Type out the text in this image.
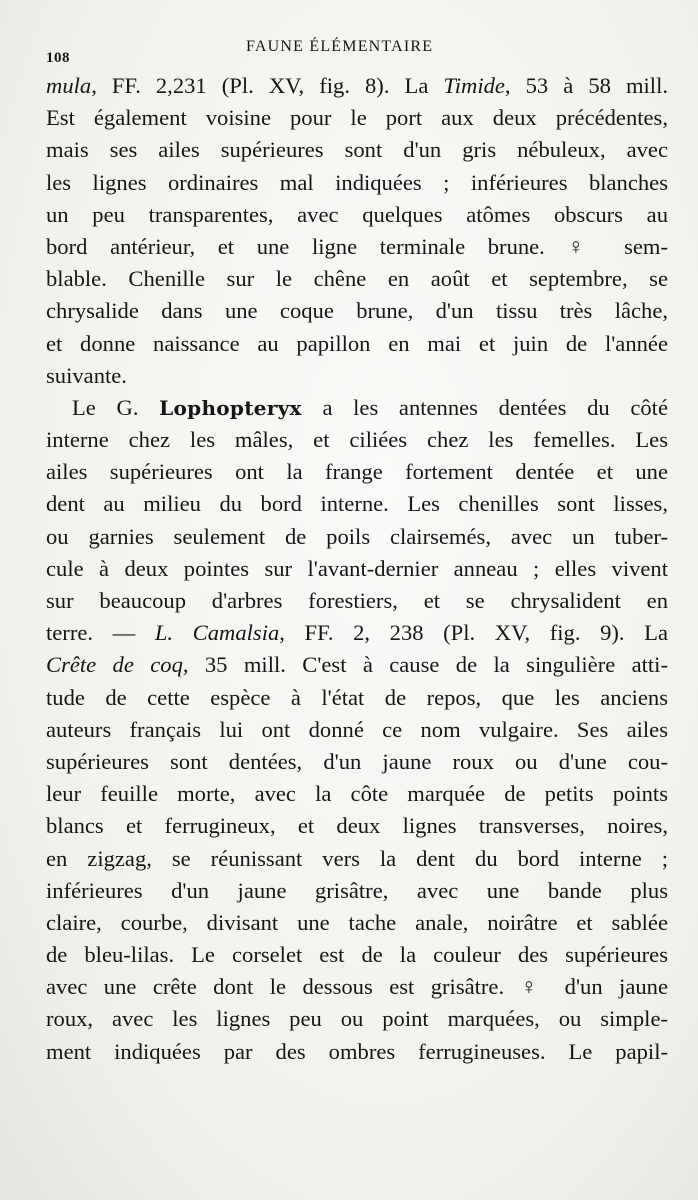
108
FAUNE ÉLÉMENTAIRE
mula, FF. 2,231 (Pl. XV, fig. 8). La Timide, 53 à 58 mill.
Est également voisine pour le port aux deux précédentes,
mais ses ailes supérieures sont d'un gris nébuleux, avec
les lignes ordinaires mal indiquées ; inférieures blanches
un peu transparentes, avec quelques atômes obscurs au
bord antérieur, et une ligne terminale brune. ♀ sem-
blable. Chenille sur le chêne en août et septembre, se
chrysalide dans une coque brune, d'un tissu très lâche,
et donne naissance au papillon en mai et juin de l'année
suivante.
Le G. Lophopteryx a les antennes dentées du côté
interne chez les mâles, et ciliées chez les femelles. Les
ailes supérieures ont la frange fortement dentée et une
dent au milieu du bord interne. Les chenilles sont lisses,
ou garnies seulement de poils clairsemés, avec un tuber-
cule à deux pointes sur l'avant-dernier anneau ; elles vivent
sur beaucoup d'arbres forestiers, et se chrysalident en
terre. — L. Camalsia, FF. 2, 238 (Pl. XV, fig. 9). La
Crête de coq, 35 mill. C'est à cause de la singulière atti-
tude de cette espèce à l'état de repos, que les anciens
auteurs français lui ont donné ce nom vulgaire. Ses ailes
supérieures sont dentées, d'un jaune roux ou d'une cou-
leur feuille morte, avec la côte marquée de petits points
blancs et ferrugineux, et deux lignes transverses, noires,
en zigzag, se réunissant vers la dent du bord interne ;
inférieures d'un jaune grisâtre, avec une bande plus
claire, courbe, divisant une tache anale, noirâtre et sablée
de bleu-lilas. Le corselet est de la couleur des supérieures
avec une crête dont le dessous est grisâtre. ♀ d'un jaune
roux, avec les lignes peu ou point marquées, ou simple-
ment indiquées par des ombres ferrugineuses. Le papil-
